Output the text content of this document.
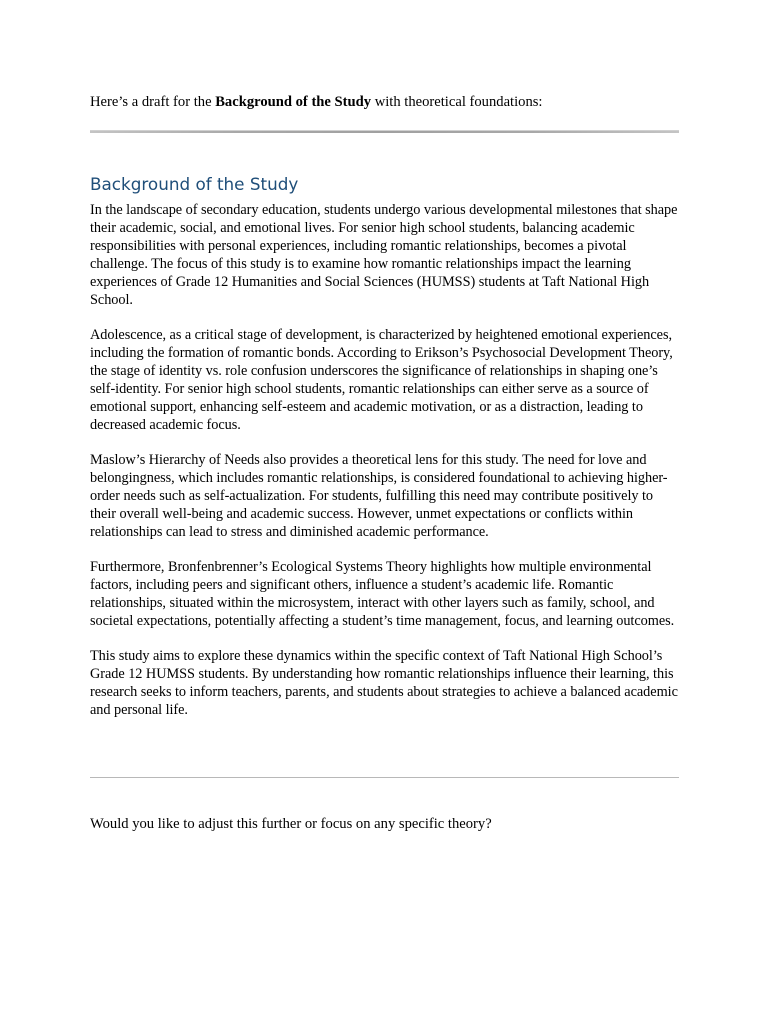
Here’s a draft for the Background of the Study with theoretical foundations:
Background of the Study

In the landscape of secondary education, students undergo various developmental milestones that shape their academic, social, and emotional lives. For senior high school students, balancing academic responsibilities with personal experiences, including romantic relationships, becomes a pivotal challenge. The focus of this study is to examine how romantic relationships impact the learning experiences of Grade 12 Humanities and Social Sciences (HUMSS) students at Taft National High School.

Adolescence, as a critical stage of development, is characterized by heightened emotional experiences, including the formation of romantic bonds. According to Erikson’s Psychosocial Development Theory, the stage of identity vs. role confusion underscores the significance of relationships in shaping one’s self-identity. For senior high school students, romantic relationships can either serve as a source of emotional support, enhancing self-esteem and academic motivation, or as a distraction, leading to decreased academic focus.

Maslow’s Hierarchy of Needs also provides a theoretical lens for this study. The need for love and belongingness, which includes romantic relationships, is considered foundational to achieving higher-order needs such as self-actualization. For students, fulfilling this need may contribute positively to their overall well-being and academic success. However, unmet expectations or conflicts within relationships can lead to stress and diminished academic performance.

Furthermore, Bronfenbrenner’s Ecological Systems Theory highlights how multiple environmental factors, including peers and significant others, influence a student’s academic life. Romantic relationships, situated within the microsystem, interact with other layers such as family, school, and societal expectations, potentially affecting a student’s time management, focus, and learning outcomes.

This study aims to explore these dynamics within the specific context of Taft National High School’s Grade 12 HUMSS students. By understanding how romantic relationships influence their learning, this research seeks to inform teachers, parents, and students about strategies to achieve a balanced academic and personal life.

Would you like to adjust this further or focus on any specific theory?
